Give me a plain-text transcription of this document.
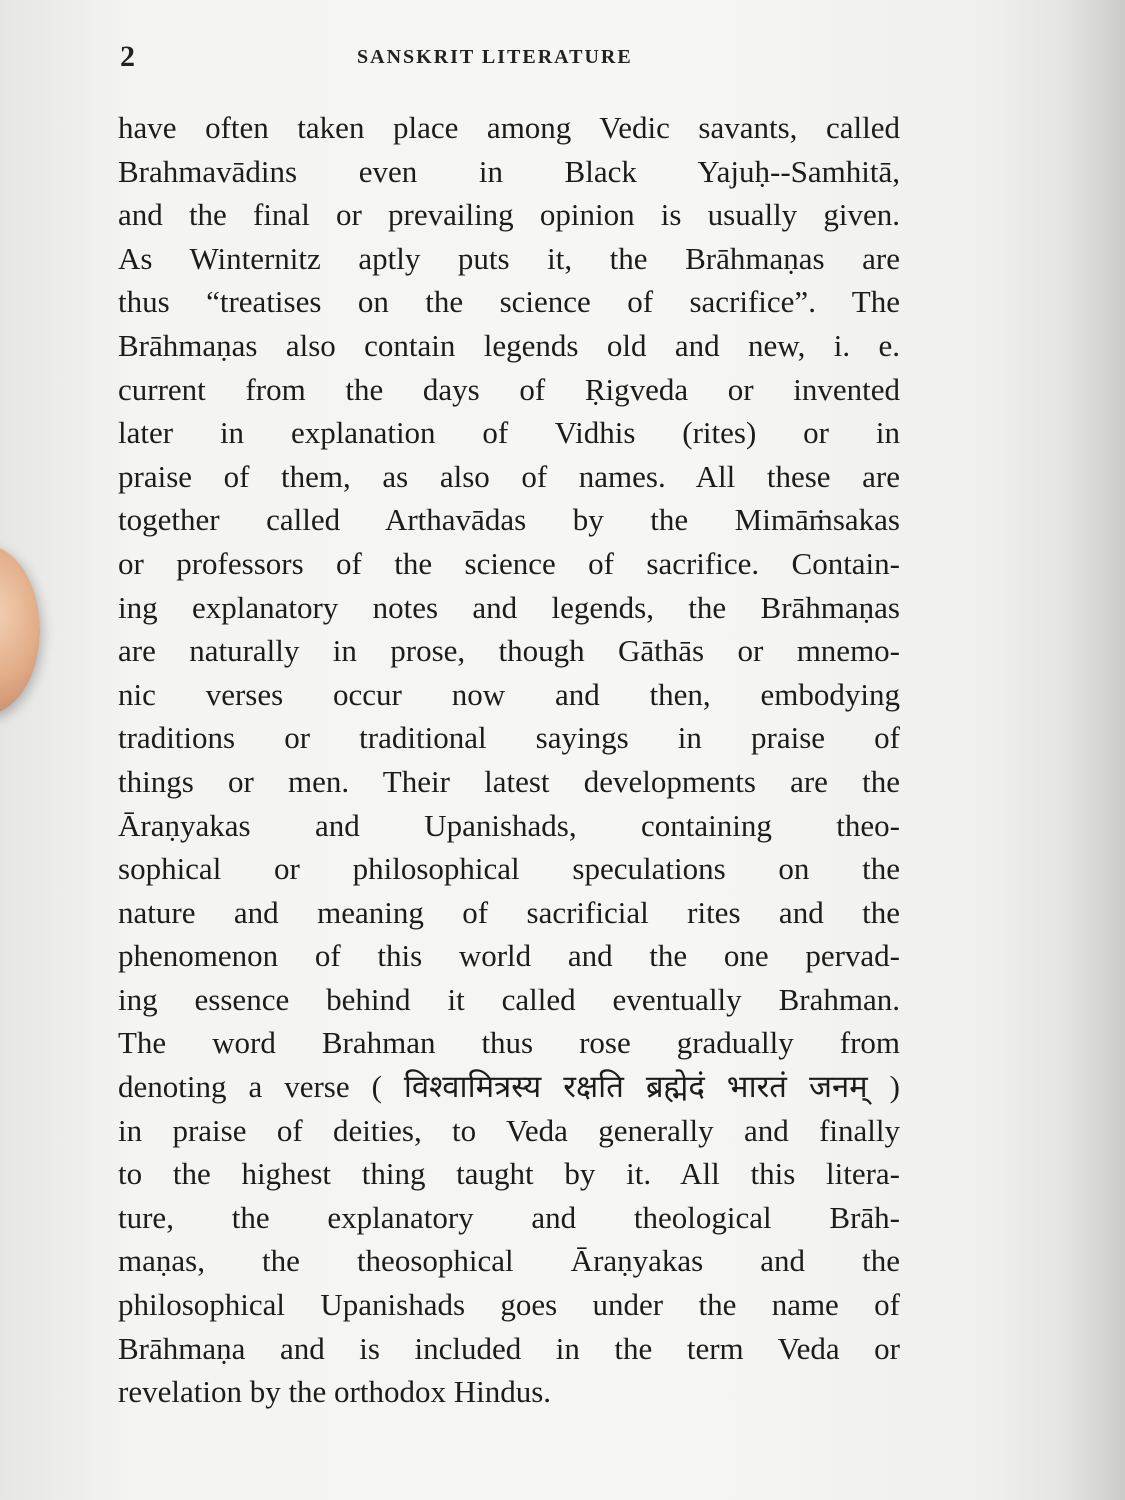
2	SANSKRIT LITERATURE
have often taken place among Vedic savants, called
Brahmavādins even in Black Yajuḥ--Samhitā,
and the final or prevailing opinion is usually given.
As Winternitz aptly puts it, the Brāhmaṇas are
thus “treatises on the science of sacrifice”. The
Brāhmaṇas also contain legends old and new, i. e.
current from the days of Ṛigveda or invented
later in explanation of Vidhis (rites) or in
praise of them, as also of names. All these are
together called Arthavādas by the Mimāṁsakas
or professors of the science of sacrifice. Contain-
ing explanatory notes and legends, the Brāhmaṇas
are naturally in prose, though Gāthās or mnemo-
nic verses occur now and then, embodying
traditions or traditional sayings in praise of
things or men. Their latest developments are the
Āraṇyakas and Upanishads, containing theo-
sophical or philosophical speculations on the
nature and meaning of sacrificial rites and the
phenomenon of this world and the one pervad-
ing essence behind it called eventually Brahman.
The word Brahman thus rose gradually from
denoting a verse ( विश्वामित्रस्य रक्षति ब्रह्मेदं भारतं जनम् )
in praise of deities, to Veda generally and finally
to the highest thing taught by it. All this litera-
ture, the explanatory and theological Brāh-
maṇas, the theosophical Āraṇyakas and the
philosophical Upanishads goes under the name of
Brāhmaṇa and is included in the term Veda or
revelation by the orthodox Hindus.
